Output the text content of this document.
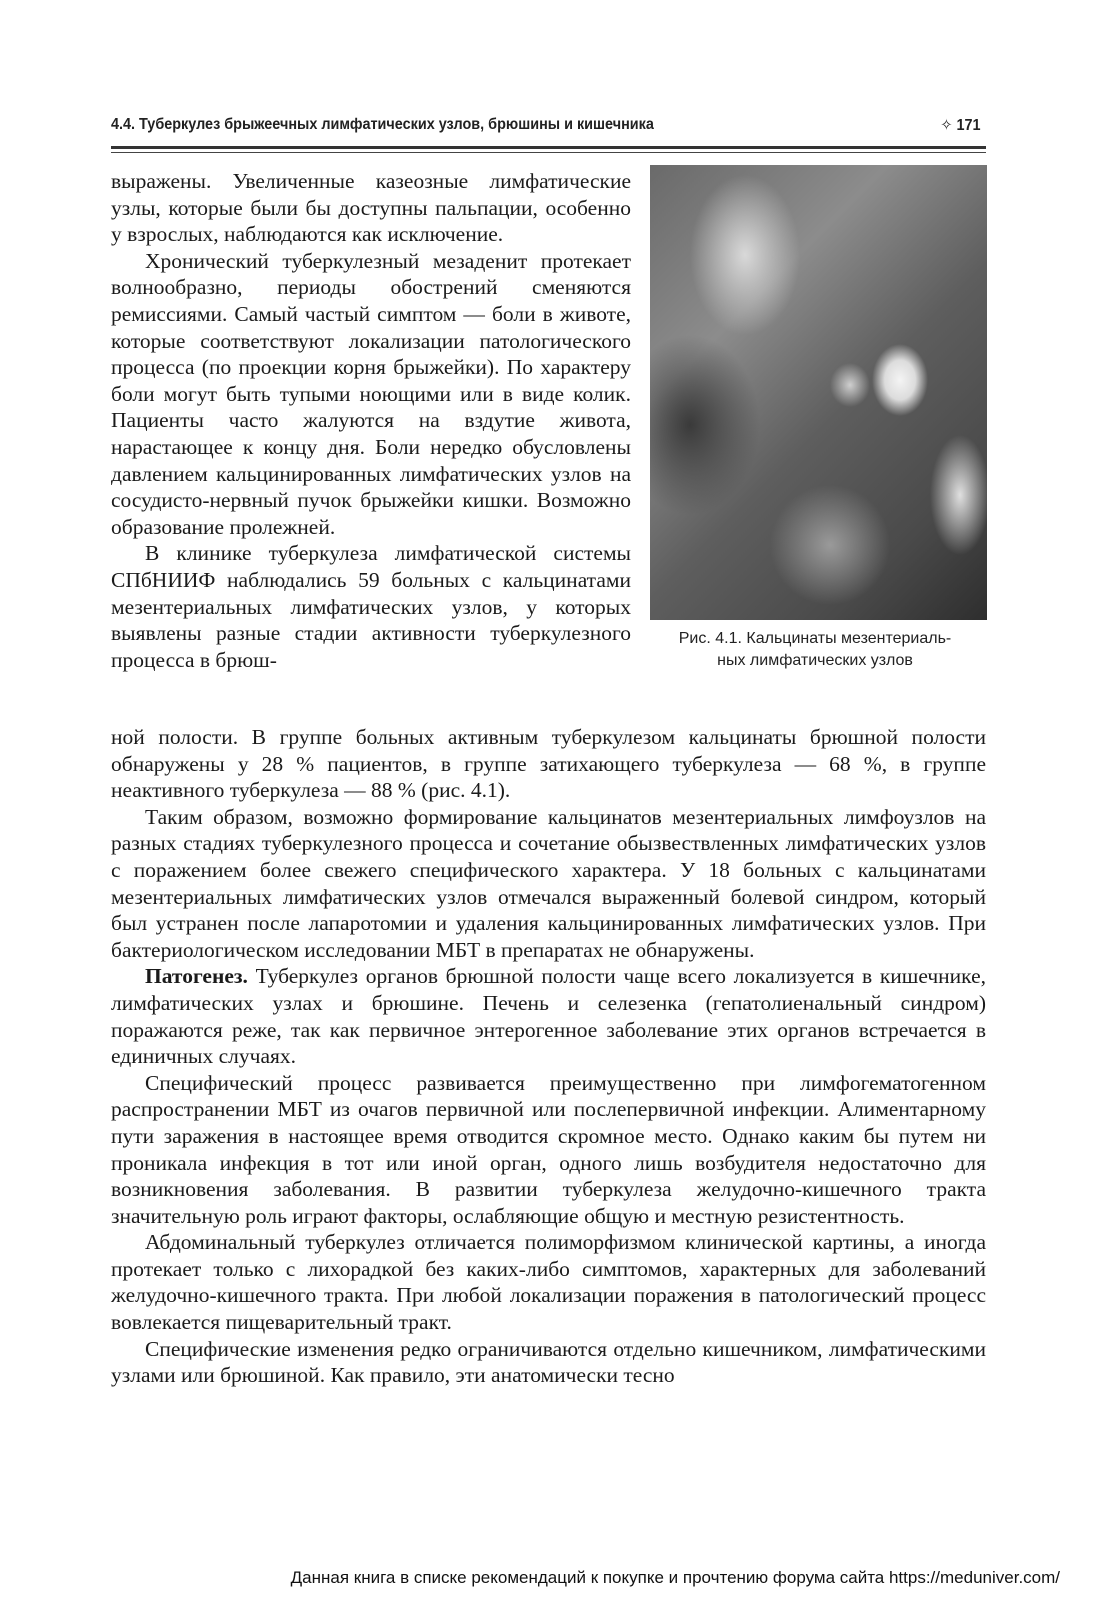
4.4. Туберкулез брыжеечных лимфатических узлов, брюшины и кишечника	✧ 171
Рис. 4.1. Кальцинаты мезентериаль-
ных лимфатических узлов

выражены. Увеличенные казеозные лимфатические узлы, которые были бы доступны пальпации, особенно у взрослых, наблюдаются как исключение.

Хронический туберкулезный мезаденит протекает волнообразно, периоды обострений сменяются ремиссиями. Самый частый симптом — боли в животе, которые соответствуют локализации патологического процесса (по проекции корня брыжейки). По характеру боли могут быть тупыми ноющими или в виде колик. Пациенты часто жалуются на вздутие живота, нарастающее к концу дня. Боли нередко обусловлены давлением кальцинированных лимфатических узлов на сосудисто-нервный пучок брыжейки кишки. Возможно образование пролежней.

В клинике туберкулеза лимфатической системы СПбНИИФ наблюдались 59 больных с кальцинатами мезентериальных лимфатических узлов, у которых выявлены разные стадии активности туберкулезного процесса в брюш-

ной полости. В группе больных активным туберкулезом кальцинаты брюшной полости обнаружены у 28 % пациентов, в группе затихающего туберкулеза — 68 %, в группе неактивного туберкулеза — 88 % (рис. 4.1).

Таким образом, возможно формирование кальцинатов мезентериальных лимфоузлов на разных стадиях туберкулезного процесса и сочетание обызвествленных лимфатических узлов с поражением более свежего специфического характера. У 18 больных с кальцинатами мезентериальных лимфатических узлов отмечался выраженный болевой синдром, который был устранен после лапаротомии и удаления кальцинированных лимфатических узлов. При бактериологическом исследовании МБТ в препаратах не обнаружены.

Патогенез. Туберкулез органов брюшной полости чаще всего локализуется в кишечнике, лимфатических узлах и брюшине. Печень и селезенка (гепатолиенальный синдром) поражаются реже, так как первичное энтерогенное заболевание этих органов встречается в единичных случаях.

Специфический процесс развивается преимущественно при лимфогематогенном распространении МБТ из очагов первичной или послепервичной инфекции. Алиментарному пути заражения в настоящее время отводится скромное место. Однако каким бы путем ни проникала инфекция в тот или иной орган, одного лишь возбудителя недостаточно для возникновения заболевания. В развитии туберкулеза желудочно-кишечного тракта значительную роль играют факторы, ослабляющие общую и местную резистентность.

Абдоминальный туберкулез отличается полиморфизмом клинической картины, а иногда протекает только с лихорадкой без каких-либо симптомов, характерных для заболеваний желудочно-кишечного тракта. При любой локализации поражения в патологический процесс вовлекается пищеварительный тракт.

Специфические изменения редко ограничиваются отдельно кишечником, лимфатическими узлами или брюшиной. Как правило, эти анатомически тесно

Данная книга в списке рекомендаций к покупке и прочтению форума сайта https://meduniver.com/
